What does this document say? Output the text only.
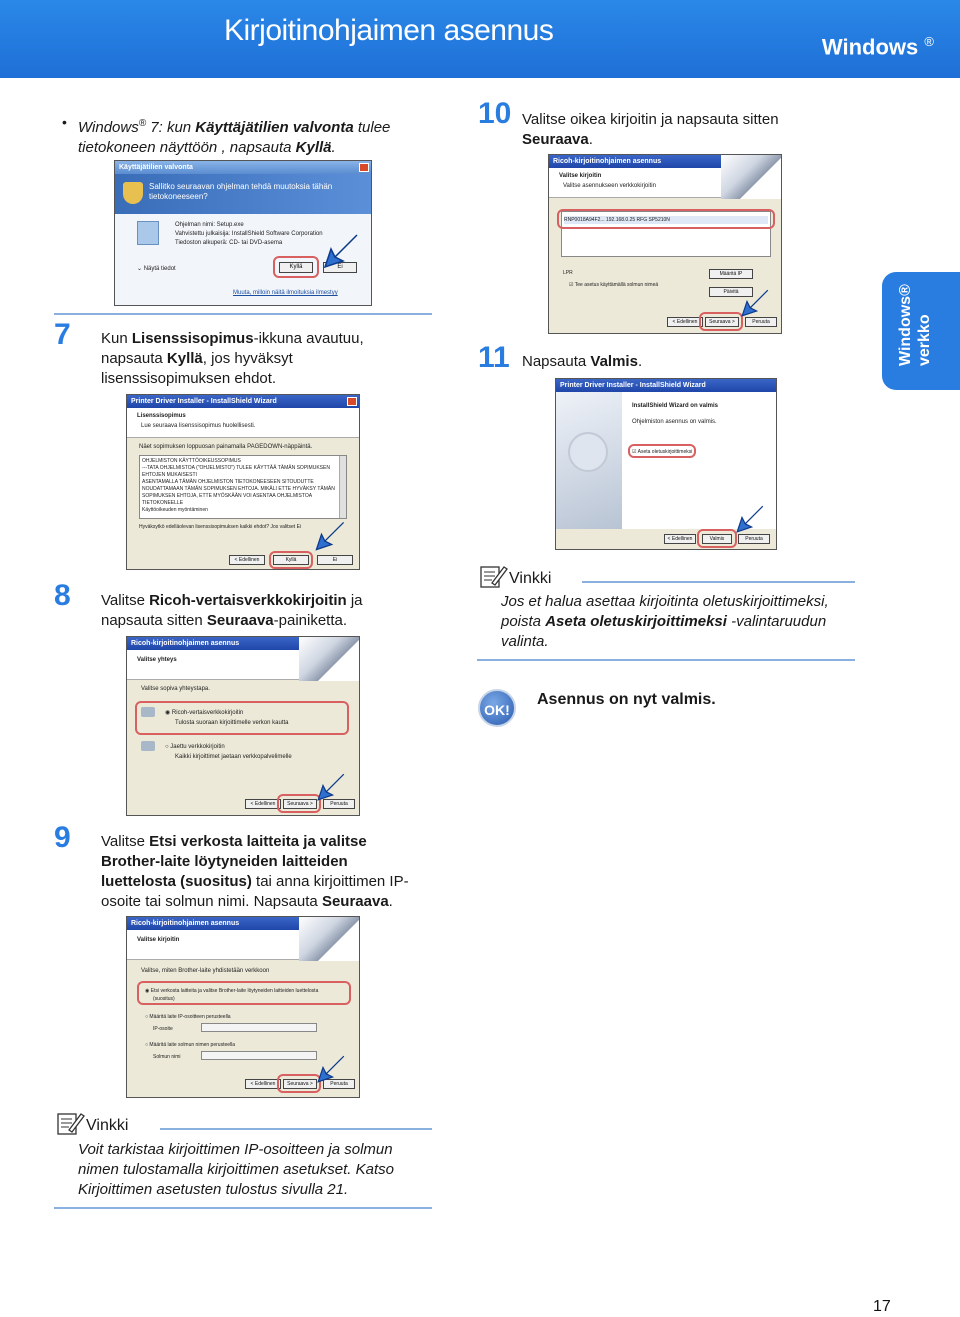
Kirjoitinohjaimen asennus	Windows ®
Windows® verkko
• Windows® 7: kun Käyttäjätilien valvonta tulee
tietokoneen näyttöön , napsauta Kyllä.
Käyttäjätilien valvonta
Sallitko seuraavan ohjelman tehdä muutoksia tähän
tietokoneeseen?
Ohjelman nimi: Setup.exe
Vahvistettu julkaisija: InstallShield Software Corporation
Tiedoston alkuperä: CD- tai DVD-asema
⌄ Näytä tiedot	Kyllä	Ei
Muuta, milloin näitä ilmoituksia ilmestyy
7 Kun Lisenssisopimus-ikkuna avautuu,
napsauta Kyllä, jos hyväksyt
lisenssisopimuksen ehdot.
Printer Driver Installer - InstallShield Wizard
Lisenssisopimus
Lue seuraava lisenssisopimus huolellisesti.
Näet sopimuksen loppuosan painamalla PAGEDOWN-näppäintä.
OHJELMISTON KÄYTTÖOIKEUSSOPIMUS
---TATA OHJELMISTOA ("OHJELMISTO") TULEE KÄYTTÄÄ TÄMÄN SOPIMUKSEN
EHTOJEN MUKAISESTI
ASENTAMALLA TÄMÄN OHJELMISTON TIETOKONEESEEN SITOUDUTTE
NOUDATTAMAAN TÄMÄN SOPIMUKSEN EHTOJA. MIKÄLI ETTE HYVÄKSY TÄMÄN
SOPIMUKSEN EHTOJA, ETTE MYÖSKÄÄN VOI ASENTAA OHJELMISTOA
TIETOKONEELLE
Käyttöoikeuden myöntäminen
Hyväksytkö edelläolevan lisenssisopimuksen kaikki ehdot? Jos valitset Ei
< Edellinen	Kyllä	Ei
8 Valitse Ricoh-vertaisverkkokirjoitin ja
napsauta sitten Seuraava-painiketta.
Ricoh-kirjoitinohjaimen asennus
Valitse yhteys
Valitse sopiva yhteystapa.
◉ Ricoh-vertaisverkkokirjoitin
Tulosta suoraan kirjoittimelle verkon kautta
○ Jaettu verkkokirjoitin
Kaikki kirjoittimet jaetaan verkkopalvelimelle
< Edellinen	Seuraava >	Peruuta
9 Valitse Etsi verkosta laitteita ja valitse
Brother-laite löytyneiden laitteiden
luettelosta (suositus) tai anna kirjoittimen IP-
osoite tai solmun nimi. Napsauta Seuraava.
Ricoh-kirjoitinohjaimen asennus
Valitse kirjoitin
Valitse, miten Brother-laite yhdistetään verkkoon
◉ Etsi verkosta laitteita ja valitse Brother-laite löytyneiden laitteiden luettelosta
(suositus)
○ Määritä laite IP-osoitteen perusteella
IP-osoite
○ Määritä laite solmun nimen perusteella
Solmun nimi
< Edellinen	Seuraava >	Peruuta
Vinkki
Voit tarkistaa kirjoittimen IP-osoitteen ja solmun
nimen tulostamalla kirjoittimen asetukset. Katso
Kirjoittimen asetusten tulostus sivulla 21.
10 Valitse oikea kirjoitin ja napsauta sitten
Seuraava.
Ricoh-kirjoitinohjaimen asennus
Valitse kirjoitin
Valitse asennukseen verkkokirjoitin
RNP0018A94F2... 192.168.0.25 RFG SP5210N
LPR
☑ Tee asetus käyttämällä solmun nimeä
Määritä IP
Päivitä
< Edellinen	Seuraava >	Peruuta
11 Napsauta Valmis.
Printer Driver Installer - InstallShield Wizard
InstallShield Wizard on valmis
Ohjelmiston asennus on valmis.
☑ Aseta oletuskirjoittimeksi
< Edellinen	Valmis	Peruuta
Vinkki
Jos et halua asettaa kirjoitinta oletuskirjoittimeksi,
poista Aseta oletuskirjoittimeksi -valintaruudun
valinta.
OK!
Asennus on nyt valmis.
17
